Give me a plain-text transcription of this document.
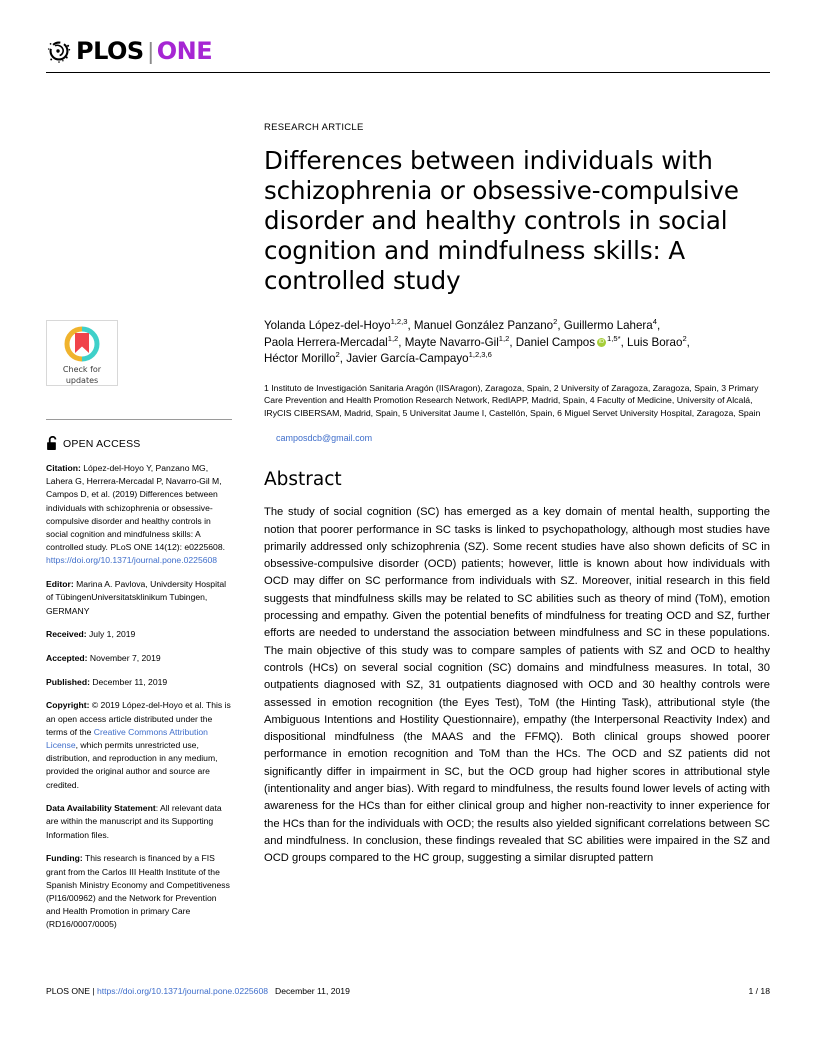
PLOS | ONE
Check for
updates
OPEN ACCESS
Citation: López-del-Hoyo Y, Panzano MG, Lahera G, Herrera-Mercadal P, Navarro-Gil M, Campos D, et al. (2019) Differences between individuals with schizophrenia or obsessive-compulsive disorder and healthy controls in social cognition and mindfulness skills: A controlled study. PLoS ONE 14(12): e0225608. https://doi.org/10.1371/journal.pone.0225608
Editor: Marina A. Pavlova, Univdersity Hospital of TübingenUniversitatsklinikum Tubingen, GERMANY
Received: July 1, 2019
Accepted: November 7, 2019
Published: December 11, 2019
Copyright: © 2019 López-del-Hoyo et al. This is an open access article distributed under the terms of the Creative Commons Attribution License, which permits unrestricted use, distribution, and reproduction in any medium, provided the original author and source are credited.
Data Availability Statement: All relevant data are within the manuscript and its Supporting Information files.
Funding: This research is financed by a FIS grant from the Carlos III Health Institute of the Spanish Ministry Economy and Competitiveness (PI16/00962) and the Network for Prevention and Health Promotion in primary Care (RD16/0007/0005)
RESEARCH ARTICLE
Differences between individuals with schizophrenia or obsessive-compulsive disorder and healthy controls in social cognition and mindfulness skills: A controlled study
Yolanda López-del-Hoyo$^{1,2,3}$, Manuel González Panzano$^2$, Guillermo Lahera$^4$,
Paola Herrera-Mercadal$^{1,2}$, Mayte Navarro-Gil$^{1,2}$, Daniel Campos iD $^{1,5*}$, Luis Borao$^2$,
Héctor Morillo$^2$, Javier García-Campayo$^{1,2,3,6}$
1 Instituto de Investigación Sanitaria Aragón (IISAragon), Zaragoza, Spain, 2 University of Zaragoza, Zaragoza, Spain, 3 Primary Care Prevention and Health Promotion Research Network, RedIAPP, Madrid, Spain, 4 Faculty of Medicine, University of Alcalá, IRyCIS CIBERSAM, Madrid, Spain, 5 Universitat Jaume I, Castellón, Spain, 6 Miguel Servet University Hospital, Zaragoza, Spain
camposdcb@gmail.com
Abstract
The study of social cognition (SC) has emerged as a key domain of mental health, supporting the notion that poorer performance in SC tasks is linked to psychopathology, although most studies have primarily addressed only schizophrenia (SZ). Some recent studies have also shown deficits of SC in obsessive-compulsive disorder (OCD) patients; however, little is known about how individuals with OCD may differ on SC performance from individuals with SZ. Moreover, initial research in this field suggests that mindfulness skills may be related to SC abilities such as theory of mind (ToM), emotion processing and empathy. Given the potential benefits of mindfulness for treating OCD and SZ, further efforts are needed to understand the association between mindfulness and SC in these populations. The main objective of this study was to compare samples of patients with SZ and OCD to healthy controls (HCs) on several social cognition (SC) domains and mindfulness measures. In total, 30 outpatients diagnosed with SZ, 31 outpatients diagnosed with OCD and 30 healthy controls were assessed in emotion recognition (the Eyes Test), ToM (the Hinting Task), attributional style (the Ambiguous Intentions and Hostility Questionnaire), empathy (the Interpersonal Reactivity Index) and dispositional mindfulness (the MAAS and the FFMQ). Both clinical groups showed poorer performance in emotion recognition and ToM than the HCs. The OCD and SZ patients did not significantly differ in impairment in SC, but the OCD group had higher scores in attributional style (intentionality and anger bias). With regard to mindfulness, the results found lower levels of acting with awareness for the HCs than for either clinical group and higher non-reactivity to inner experience for the HCs than for the individuals with OCD; the results also yielded significant correlations between SC and mindfulness. In conclusion, these findings revealed that SC abilities were impaired in the SZ and OCD groups compared to the HC group, suggesting a similar disrupted pattern
PLOS ONE | https://doi.org/10.1371/journal.pone.0225608 December 11, 2019	1 / 18
